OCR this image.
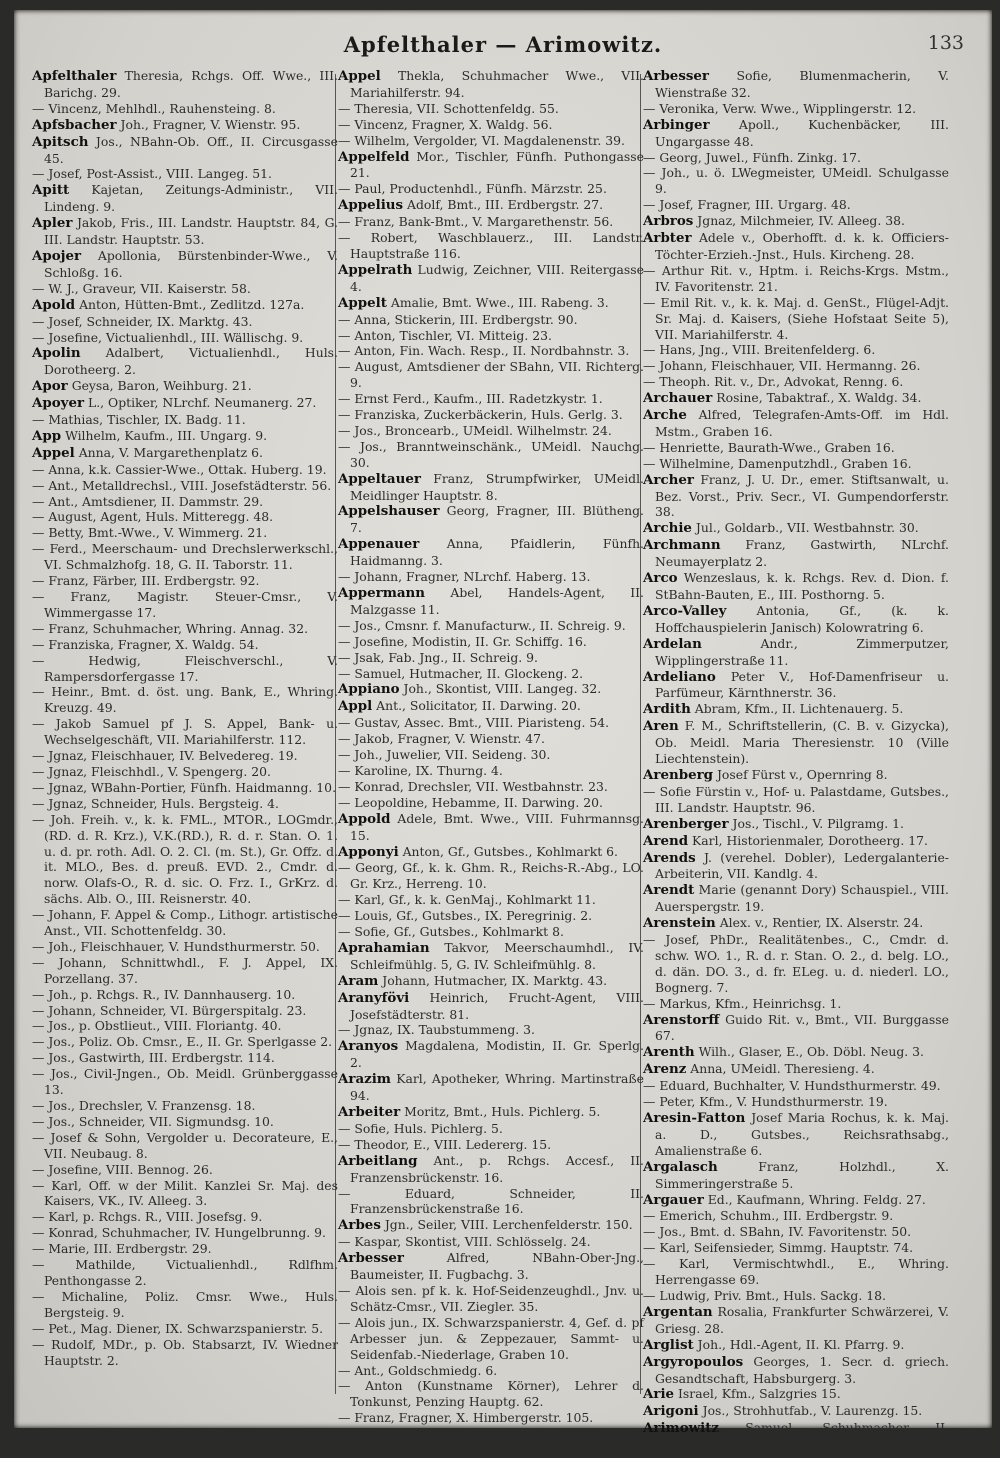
Apfelthaler — Arimowitz.	133

Apfelthaler Theresia, Rchgs. Off. Wwe., III. Barichg. 29.

— Vincenz, Mehlhdl., Rauhensteing. 8.

Apfsbacher Joh., Fragner, V. Wienstr. 95.

Apitsch Jos., NBahn-Ob. Off., II. Circusgasse 45.

— Josef, Post-Assist., VIII. Langeg. 51.

Apitt Kajetan, Zeitungs-Administr., VII. Lindeng. 9.

Apler Jakob, Fris., III. Landstr. Hauptstr. 84, G. III. Landstr. Hauptstr. 53.

Apojer Apollonia, Bürstenbinder-Wwe., V. Schloßg. 16.

— W. J., Graveur, VII. Kaiserstr. 58.

Apold Anton, Hütten-Bmt., Zedlitzd. 127a.

— Josef, Schneider, IX. Marktg. 43.

— Josefine, Victualienhdl., III. Wällischg. 9.

Apolin Adalbert, Victualienhdl., Huls. Dorotheerg. 2.

Apor Geysa, Baron, Weihburg. 21.

Apoyer L., Optiker, NLrchf. Neumanerg. 27.

— Mathias, Tischler, IX. Badg. 11.

App Wilhelm, Kaufm., III. Ungarg. 9.

Appel Anna, V. Margarethenplatz 6.

— Anna, k.k. Cassier-Wwe., Ottak. Huberg. 19.

— Ant., Metalldrechsl., VIII. Josefstädterstr. 56.

— Ant., Amtsdiener, II. Dammstr. 29.

— August, Agent, Huls. Mitteregg. 48.

— Betty, Bmt.-Wwe., V. Wimmerg. 21.

— Ferd., Meerschaum- und Drechslerwerkschl., VI. Schmalzhofg. 18, G. II. Taborstr. 11.

— Franz, Färber, III. Erdbergstr. 92.

— Franz, Magistr. Steuer-Cmsr., V. Wimmergasse 17.

— Franz, Schuhmacher, Whring. Annag. 32.

— Franziska, Fragner, X. Waldg. 54.

— Hedwig, Fleischverschl., V. Rampersdorfergasse 17.

— Heinr., Bmt. d. öst. ung. Bank, E., Whring. Kreuzg. 49.

— Jakob Samuel pf J. S. Appel, Bank- u. Wechselgeschäft, VII. Mariahilferstr. 112.

— Jgnaz, Fleischhauer, IV. Belvedereg. 19.

— Jgnaz, Fleischhdl., V. Spengerg. 20.

— Jgnaz, WBahn-Portier, Fünfh. Haidmanng. 10.

— Jgnaz, Schneider, Huls. Bergsteig. 4.

— Joh. Freih. v., k. k. FML., MTOR., LOGmdr., (RD. d. R. Krz.), V.K.(RD.), R. d. r. Stan. O. 1. u. d. pr. roth. Adl. O. 2. Cl. (m. St.), Gr. Offz. d. it. MLO., Bes. d. preuß. EVD. 2., Cmdr. d. norw. Olafs-O., R. d. sic. O. Frz. I., GrKrz. d. sächs. Alb. O., III. Reisnerstr. 40.

— Johann, F. Appel & Comp., Lithogr. artistische Anst., VII. Schottenfeldg. 30.

— Joh., Fleischhauer, V. Hundsthurmerstr. 50.

— Johann, Schnittwhdl., F. J. Appel, IX. Porzellang. 37.

— Joh., p. Rchgs. R., IV. Dannhauserg. 10.

— Johann, Schneider, VI. Bürgerspitalg. 23.

— Jos., p. Obstlieut., VIII. Floriantg. 40.

— Jos., Poliz. Ob. Cmsr., E., II. Gr. Sperlgasse 2.

— Jos., Gastwirth, III. Erdbergstr. 114.

— Jos., Civil-Jngen., Ob. Meidl. Grünberggasse 13.

— Jos., Drechsler, V. Franzensg. 18.

— Jos., Schneider, VII. Sigmundsg. 10.

— Josef & Sohn, Vergolder u. Decorateure, E., VII. Neubaug. 8.

— Josefine, VIII. Bennog. 26.

— Karl, Off. w der Milit. Kanzlei Sr. Maj. des Kaisers, VK., IV. Alleeg. 3.

— Karl, p. Rchgs. R., VIII. Josefsg. 9.

— Konrad, Schuhmacher, IV. Hungelbrunng. 9.

— Marie, III. Erdbergstr. 29.

— Mathilde, Victualienhdl., Rdlfhm. Penthongasse 2.

— Michaline, Poliz. Cmsr. Wwe., Huls. Bergsteig. 9.

— Pet., Mag. Diener, IX. Schwarzspanierstr. 5.

— Rudolf, MDr., p. Ob. Stabsarzt, IV. Wiedner Hauptstr. 2.

Appel Thekla, Schuhmacher Wwe., VII. Mariahilferstr. 94.

— Theresia, VII. Schottenfeldg. 55.

— Vincenz, Fragner, X. Waldg. 56.

— Wilhelm, Vergolder, VI. Magdalenenstr. 39.

Appelfeld Mor., Tischler, Fünfh. Puthongasse 21.

— Paul, Productenhdl., Fünfh. Märzstr. 25.

Appelius Adolf, Bmt., III. Erdbergstr. 27.

— Franz, Bank-Bmt., V. Margarethenstr. 56.

— Robert, Waschblauerz., III. Landstr. Hauptstraße 116.

Appelrath Ludwig, Zeichner, VIII. Reitergasse 4.

Appelt Amalie, Bmt. Wwe., III. Rabeng. 3.

— Anna, Stickerin, III. Erdbergstr. 90.

— Anton, Tischler, VI. Mitteig. 23.

— Anton, Fin. Wach. Resp., II. Nordbahnstr. 3.

— August, Amtsdiener der SBahn, VII. Richterg. 9.

— Ernst Ferd., Kaufm., III. Radetzkystr. 1.

— Franziska, Zuckerbäckerin, Huls. Gerlg. 3.

— Jos., Broncearb., UMeidl. Wilhelmstr. 24.

— Jos., Branntweinschänk., UMeidl. Nauchg. 30.

Appeltauer Franz, Strumpfwirker, UMeidl. Meidlinger Hauptstr. 8.

Appelshauser Georg, Fragner, III. Blütheng. 7.

Appenauer Anna, Pfaidlerin, Fünfh. Haidmanng. 3.

— Johann, Fragner, NLrchf. Haberg. 13.

Appermann Abel, Handels-Agent, II. Malzgasse 11.

— Jos., Cmsnr. f. Manufacturw., II. Schreig. 9.

— Josefine, Modistin, II. Gr. Schiffg. 16.

— Jsak, Fab. Jng., II. Schreig. 9.

— Samuel, Hutmacher, II. Glockeng. 2.

Appiano Joh., Skontist, VIII. Langeg. 32.

Appl Ant., Solicitator, II. Darwing. 20.

— Gustav, Assec. Bmt., VIII. Piaristeng. 54.

— Jakob, Fragner, V. Wienstr. 47.

— Joh., Juwelier, VII. Seideng. 30.

— Karoline, IX. Thurng. 4.

— Konrad, Drechsler, VII. Westbahnstr. 23.

— Leopoldine, Hebamme, II. Darwing. 20.

Appold Adele, Bmt. Wwe., VIII. Fuhrmannsg. 15.

Apponyi Anton, Gf., Gutsbes., Kohlmarkt 6.

— Georg, Gf., k. k. Ghm. R., Reichs-R.-Abg., LO. Gr. Krz., Herreng. 10.

— Karl, Gf., k. k. GenMaj., Kohlmarkt 11.

— Louis, Gf., Gutsbes., IX. Peregrinig. 2.

— Sofie, Gf., Gutsbes., Kohlmarkt 8.

Aprahamian Takvor, Meerschaumhdl., IV. Schleifmühlg. 5, G. IV. Schleifmühlg. 8.

Aram Johann, Hutmacher, IX. Marktg. 43.

Aranyfövi Heinrich, Frucht-Agent, VIII. Josefstädterstr. 81.

— Jgnaz, IX. Taubstummeng. 3.

Aranyos Magdalena, Modistin, II. Gr. Sperlg. 2.

Arazim Karl, Apotheker, Whring. Martinstraße 94.

Arbeiter Moritz, Bmt., Huls. Pichlerg. 5.

— Sofie, Huls. Pichlerg. 5.

— Theodor, E., VIII. Ledererg. 15.

Arbeitlang Ant., p. Rchgs. Accesf., II. Franzensbrückenstr. 16.

— Eduard, Schneider, II. Franzensbrückenstraße 16.

Arbes Jgn., Seiler, VIII. Lerchenfelderstr. 150.

— Kaspar, Skontist, VIII. Schlösselg. 24.

Arbesser	Alfred, NBahn-Ober-Jng., Baumeister, II. Fugbachg. 3.

— Alois sen. pf k. k. Hof-Seidenzeughdl., Jnv. u. Schätz-Cmsr., VII. Ziegler. 35.

— Alois jun., IX. Schwarzspanierstr. 4, Gef. d. pf Arbesser jun. & Zeppezauer, Sammt- u. Seidenfab.-Niederlage, Graben 10.

— Ant., Goldschmiedg. 6.

— Anton (Kunstname Körner), Lehrer d. Tonkunst, Penzing Hauptg. 62.

— Franz, Fragner, X. Himbergerstr. 105.

— Josefine, Lehrerin, IV. Preßg. 23.

— Marcell, Priv. Bmt., Fünfh. Zinkg. 15.

Arbesser Sofie, Blumenmacherin, V. Wienstraße 32.

— Veronika, Verw. Wwe., Wipplingerstr. 12.

Arbinger Apoll., Kuchenbäcker, III. Ungargasse 48.

— Georg, Juwel., Fünfh. Zinkg. 17.

— Joh., u. ö. LWegmeister, UMeidl. Schulgasse 9.

— Josef, Fragner, III. Urgarg. 48.

Arbros Jgnaz, Milchmeier, IV. Alleeg. 38.

Arbter Adele v., Oberhofft. d. k. k. Officiers-Töchter-Erzieh.-Jnst., Huls. Kircheng. 28.

— Arthur Rit. v., Hptm. i. Reichs-Krgs. Mstm., IV. Favoritenstr. 21.

— Emil Rit. v., k. k. Maj. d. GenSt., Flügel-Adjt. Sr. Maj. d. Kaisers, (Siehe Hofstaat Seite 5), VII. Mariahilferstr. 4.

— Hans, Jng., VIII. Breitenfelderg. 6.

— Johann, Fleischhauer, VII. Hermanng. 26.

— Theoph. Rit. v., Dr., Advokat, Renng. 6.

Archauer Rosine, Tabaktraf., X. Waldg. 34.

Arche Alfred, Telegrafen-Amts-Off. im Hdl. Mstm., Graben 16.

— Henriette, Baurath-Wwe., Graben 16.

— Wilhelmine, Damenputzhdl., Graben 16.

Archer Franz, J. U. Dr., emer. Stiftsanwalt, u. Bez. Vorst., Priv. Secr., VI. Gumpendorferstr. 38.

Archie Jul., Goldarb., VII. Westbahnstr. 30.

Archmann Franz, Gastwirth, NLrchf. Neumayerplatz 2.

Arco Wenzeslaus, k. k. Rchgs. Rev. d. Dion. f. StBahn-Bauten, E., III. Posthorng. 5.

Arco-Valley Antonia, Gf., (k. k. Hoffchauspielerin Janisch) Kolowratring 6.

Ardelan	Andr., Zimmerputzer, Wipplingerstraße 11.

Ardeliano Peter V., Hof-Damenfriseur u. Parfümeur, Kärnthnerstr. 36.

Ardith Abram, Kfm., II. Lichtenauerg. 5.

Aren F. M., Schriftstellerin, (C. B. v. Gizycka), Ob. Meidl. Maria Theresienstr. 10 (Ville Liechtenstein).

Arenberg Josef Fürst v., Opernring 8.

— Sofie Fürstin v., Hof- u. Palastdame, Gutsbes., III. Landstr. Hauptstr. 96.

Arenberger Jos., Tischl., V. Pilgramg. 1.

Arend Karl, Historienmaler, Dorotheerg. 17.

Arends J. (verehel. Dobler), Ledergalanterie-Arbeiterin, VII. Kandlg. 4.

Arendt Marie (genannt Dory) Schauspiel., VIII. Auerspergstr. 19.

Arenstein Alex. v., Rentier, IX. Alserstr. 24.

— Josef, PhDr., Realitätenbes., C., Cmdr. d. schw. WO. 1., R. d. r. Stan. O. 2., d. belg. LO., d. dän. DO. 3., d. fr. ELeg. u. d. niederl. LO., Bognerg. 7.

— Markus, Kfm., Heinrichsg. 1.

Arenstorff Guido Rit. v., Bmt., VII. Burggasse 67.

Arenth Wilh., Glaser, E., Ob. Döbl. Neug. 3.

Arenz Anna, UMeidl. Theresieng. 4.

— Eduard, Buchhalter, V. Hundsthurmerstr. 49.

— Peter, Kfm., V. Hundsthurmerstr. 19.

Aresin-Fatton Josef Maria Rochus, k. k. Maj. a. D., Gutsbes., Reichsrathsabg., Amalienstraße 6.

Argalasch	Franz, Holzhdl., X. Simmeringerstraße 5.

Argauer Ed., Kaufmann, Whring. Feldg. 27.

— Emerich, Schuhm., III. Erdbergstr. 9.

— Jos., Bmt. d. SBahn, IV. Favoritenstr. 50.

— Karl, Seifensieder, Simmg. Hauptstr. 74.

— Karl, Vermischtwhdl., E., Whring. Herrengasse 69.

— Ludwig, Priv. Bmt., Huls. Sackg. 18.

Argentan Rosalia, Frankfurter Schwärzerei, V. Griesg. 28.

Arglist Joh., Hdl.-Agent, II. Kl. Pfarrg. 9.

Argyropoulos Georges, 1. Secr. d. griech. Gesandtschaft, Habsburgerg. 3.

Arie Israel, Kfm., Salzgries 15.

Arigoni Jos., Strohhutfab., V. Laurenzg. 15.

Arimowitz Samuel, Schuhmacher II. Pazmaniteng. 7.
